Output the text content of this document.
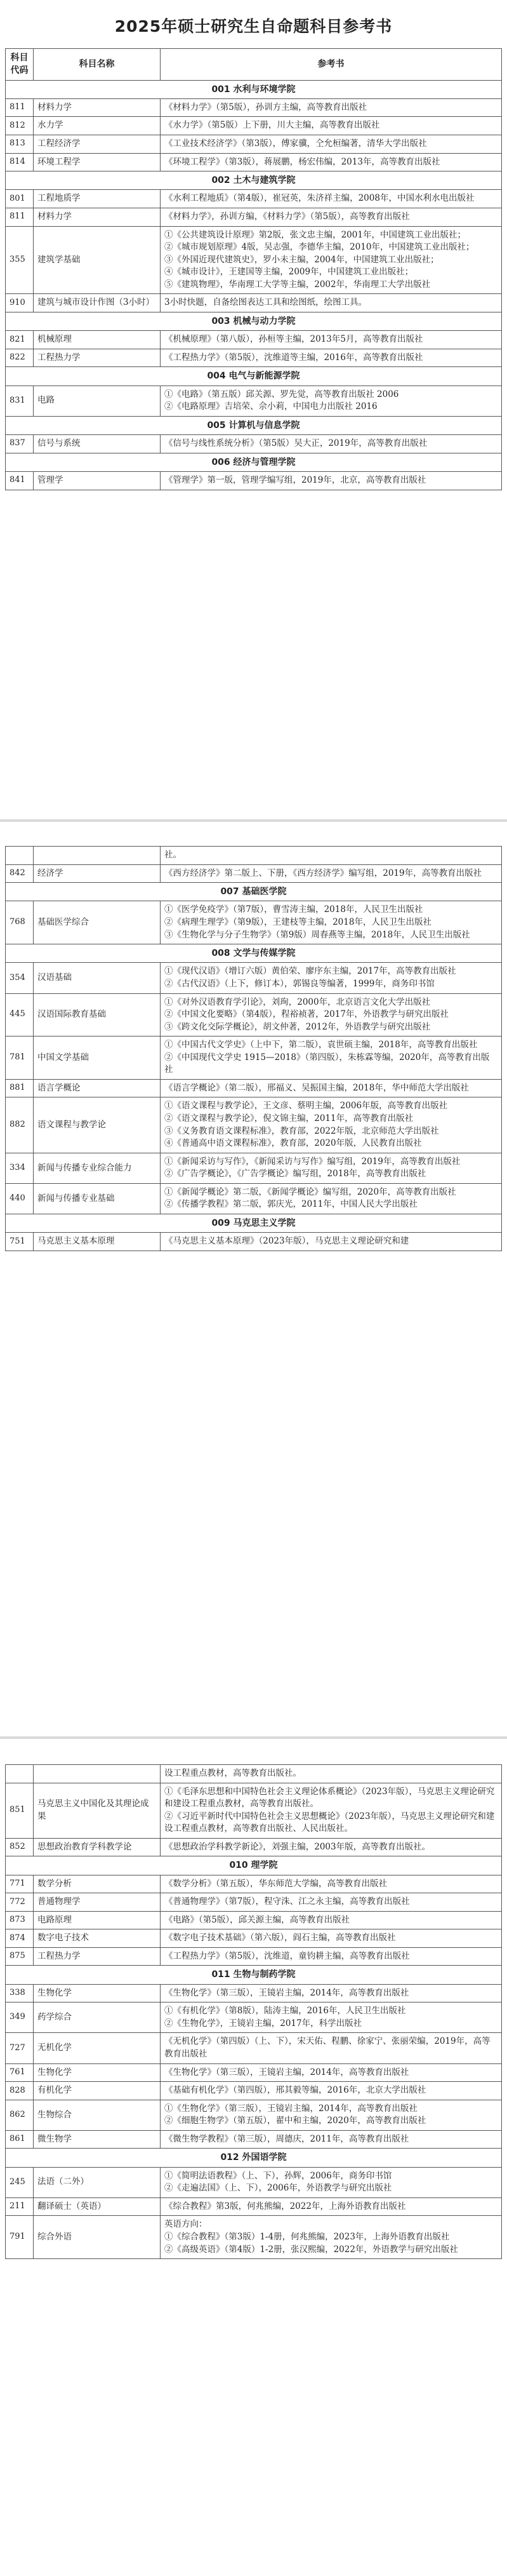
2025年硕士研究生自命题科目参考书
科目代码	科目名称	参考书
001 水利与环境学院		
811	材料力学	《材料力学》（第5版），孙训方主编，高等教育出版社

812	水力学	《水力学》（第5版）上下册，川大主编，高等教育出版社

813	工程经济学	《工业技术经济学》（第3版），傅家骥，仝允桓编著，清华大学出版社

814	环境工程学	《环境工程学》（第3版），蒋展鹏，杨宏伟编，2013年，高等教育出版社

002 土木与建筑学院		
801	工程地质学	《水利工程地质》（第4版），崔冠英，朱济祥主编，2008年，中国水利水电出版社

811	材料力学	《材料力学》，孙训方编，《材料力学》（第5版），高等教育出版社

355	建筑学基础	①《公共建筑设计原理》第2版，张文忠主编，2001年，中国建筑工业出版社；
②《城市规划原理》4版，吴志强，李德华主编，2010年，中国建筑工业出版社；
③《外国近现代建筑史》，罗小未主编，2004年，中国建筑工业出版社；
④《城市设计》，王建国等主编，2009年，中国建筑工业出版社；
⑤《建筑物理》，华南理工大学等主编，2002年，华南理工大学出版社

910	建筑与城市设计作图（3小时）	3小时快题，自备绘图表达工具和绘图纸，绘图工具。

003 机械与动力学院		
821	机械原理	《机械原理》（第八版），孙桓等主编，2013年5月，高等教育出版社

822	工程热力学	《工程热力学》（第5版），沈维道等主编，2016年，高等教育出版社

004 电气与新能源学院		
831	电路	①《电路》（第五版）邱关源、罗先觉，高等教育出版社 2006
②《电路原理》吉培荣、佘小莉，中国电力出版社 2016

005 计算机与信息学院		
837	信号与系统	《信号与线性系统分析》（第5版）吴大正，2019年，高等教育出版社

006 经济与管理学院		
841	管理学	《管理学》第一版，管理学编写组，2019年，北京，高等教育出版社

		社。

842	经济学	《西方经济学》第二版上、下册，《西方经济学》编写组，2019年，高等教育出版社

007 基础医学院		
768	基础医学综合	①《医学免疫学》（第7版），曹雪涛主编，2018年，人民卫生出版社
②《病理生理学》（第9版），王建枝等主编，2018年，人民卫生出版社
③《生物化学与分子生物学》（第9版）周春燕等主编，2018年，人民卫生出版社

008 文学与传媒学院		
354	汉语基础	①《现代汉语》（增订六版）黄伯荣、廖序东主编，2017年，高等教育出版社
②《古代汉语》（上下，修订本），郭锡良等编著，1999年，商务印书馆

445	汉语国际教育基础	①《对外汉语教育学引论》，刘珣，2000年，北京语言文化大学出版社
②《中国文化要略》（第4版），程裕祯著，2017年，外语教学与研究出版社
③《跨文化交际学概论》，胡文仲著，2012年，外语教学与研究出版社

781	中国文学基础	①《中国古代文学史》（上中下，第二版），袁世硕主编，2018年，高等教育出版社
②《中国现代文学史 1915—2018》（第四版），朱栋霖等编，2020年，高等教育出版社

881	语言学概论	《语言学概论》（第二版），邢福义、吴振国主编，2018年，华中师范大学出版社

882	语文课程与教学论	①《语文课程与教学论》，王文彦、蔡明主编，2006年版，高等教育出版社
②《语文课程与教学论》，倪文锦主编，2011年，高等教育出版社
③《义务教育语文课程标准》，教育部，2022年版，北京师范大学出版社
④《普通高中语文课程标准》，教育部，2020年版，人民教育出版社

334	新闻与传播专业综合能力	①《新闻采访与写作》，《新闻采访与写作》编写组，2019年，高等教育出版社
②《广告学概论》，《广告学概论》编写组，2018年，高等教育出版社

440	新闻与传播专业基础	①《新闻学概论》第二版，《新闻学概论》编写组，2020年，高等教育出版社
②《传播学教程》第二版，郭庆光，2011年，中国人民大学出版社

009 马克思主义学院		
751	马克思主义基本原理	《马克思主义基本原理》（2023年版），马克思主义理论研究和建

		设工程重点教材，高等教育出版社。

851	马克思主义中国化及其理论成果	①《毛泽东思想和中国特色社会主义理论体系概论》（2023年版），马克思主义理论研究和建设工程重点教材，高等教育出版社。
②《习近平新时代中国特色社会主义思想概论》（2023年版），马克思主义理论研究和建设工程重点教材，高等教育出版社、人民出版社。

852	思想政治教育学科教学论	《思想政治学科教学新论》，刘强主编，2003年版，高等教育出版社。

010 理学院		
771	数学分析	《数学分析》（第五版），华东师范大学编，高等教育出版社

772	普通物理学	《普通物理学》（第7版），程守洙、江之永主编，高等教育出版社

873	电路原理	《电路》（第5版），邱关源主编，高等教育出版社

874	数字电子技术	《数字电子技术基础》（第六版），阎石主编，高等教育出版社

875	工程热力学	《工程热力学》（第5版），沈维道，童钧耕主编，高等教育出版社

011 生物与制药学院		
338	生物化学	《生物化学》（第三版），王镜岩主编，2014年，高等教育出版社

349	药学综合	①《有机化学》（第8版），陆涛主编，2016年，人民卫生出版社
②《生物化学》，王镜岩主编，2017年，科学出版社

727	无机化学	《无机化学》（第四版）（上、下），宋天佑、程鹏、徐家宁、张丽荣编，2019年，高等教育出版社

761	生物化学	《生物化学》（第三版），王镜岩主编，2014年，高等教育出版社

828	有机化学	《基础有机化学》（第四版），邢其毅等编，2016年，北京大学出版社

862	生物综合	①《生物化学》（第三版），王镜岩主编，2014年，高等教育出版社
②《细胞生物学》（第五版），翟中和主编，2020年，高等教育出版社

861	微生物学	《微生物学教程》（第三版），周德庆，2011年，高等教育出版社

012 外国语学院		
245	法语（二外）	①《简明法语教程》（上、下），孙辉，2006年，商务印书馆
②《走遍法国》（上、下），2006年，外语教学与研究出版社

211	翻译硕士（英语）	《综合教程》第3版，何兆熊编，2022年，上海外语教育出版社

791	综合外语	英语方向：
①《综合教程》（第3版）1-4册，何兆熊编，2023年，上海外语教育出版社
②《高级英语》（第4版）1-2册，张汉熙编，2022年，外语教学与研究出版社
